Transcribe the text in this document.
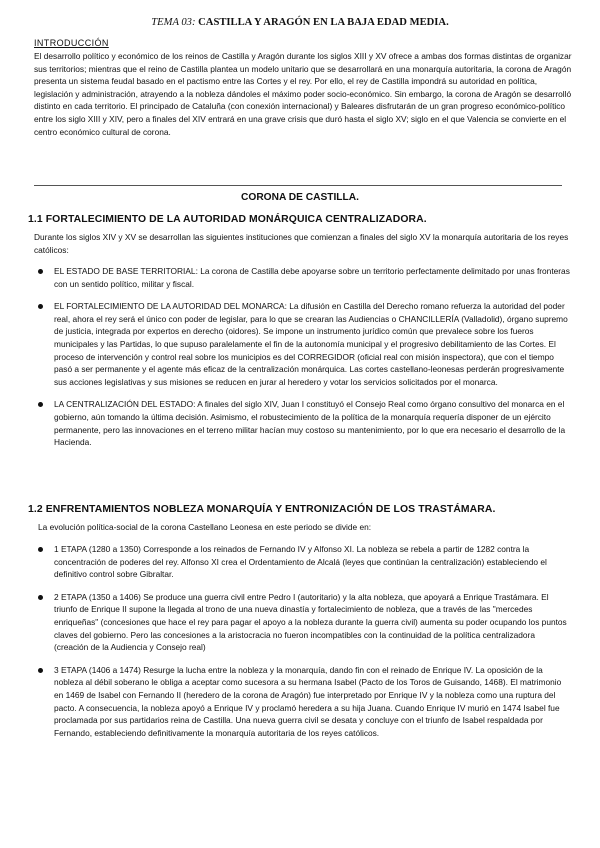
TEMA 03: CASTILLA Y ARAGÓN EN LA BAJA EDAD MEDIA.
INTRODUCCIÓN
El desarrollo político y económico de los reinos de Castilla y Aragón durante los siglos XIII y XV ofrece a ambas dos formas distintas de organizar sus territorios; mientras que el reino de Castilla plantea un modelo unitario que se desarrollará en una monarquía autoritaria, la corona de Aragón presenta un sistema feudal basado en el pactismo entre las Cortes y el rey. Por ello, el rey de Castilla impondrá su autoridad en política, legislación y administración, atrayendo a la nobleza dándoles el máximo poder socio-económico. Sin embargo, la corona de Aragón se desarrolló distinto en cada territorio. El principado de Cataluña (con conexión internacional) y Baleares disfrutarán de un gran progreso económico-político entre los siglo XIII y XIV, pero a finales del XIV entrará en una grave crisis que duró hasta el siglo XV; siglo en el que Valencia se convierte en el centro económico cultural de corona.
CORONA DE CASTILLA.
1.1 FORTALECIMIENTO DE LA AUTORIDAD MONÁRQUICA CENTRALIZADORA.
Durante los siglos XIV y XV se desarrollan las siguientes instituciones que comienzan a finales del siglo XV la monarquía autoritaria de los reyes católicos:
EL ESTADO DE BASE TERRITORIAL: La corona de Castilla debe apoyarse sobre un territorio perfectamente delimitado por unas fronteras con un sentido político, militar y fiscal.
EL FORTALECIMIENTO DE LA AUTORIDAD DEL MONARCA: La difusión en Castilla del Derecho romano refuerza la autoridad del poder real, ahora el rey será el único con poder de legislar, para lo que se crearan las Audiencias o CHANCILLERÍA (Valladolid), órgano supremo de justicia, integrada por expertos en derecho (oidores). Se impone un instrumento jurídico común que prevalece sobre los fueros municipales y las Partidas, lo que supuso paralelamente el fin de la autonomía municipal y el progresivo debilitamiento de las Cortes. El proceso de intervención y control real sobre los municipios es del CORREGIDOR (oficial real con misión inspectora), que con el tiempo pasó a ser permanente y el agente más eficaz de la centralización monárquica. Las cortes castellano-leonesas perderán progresivamente sus acciones legislativas y sus misiones se reducen en jurar al heredero y votar los servicios solicitados por el monarca.
LA CENTRALIZACIÓN DEL ESTADO: A finales del siglo XIV, Juan I constituyó el Consejo Real como órgano consultivo del monarca en el gobierno, aún tomando la última decisión. Asimismo, el robustecimiento de la política de la monarquía requería disponer de un ejército permanente, pero las innovaciones en el terreno militar hacían muy costoso su mantenimiento, por lo que era necesario el desarrollo de la Hacienda.
1.2 ENFRENTAMIENTOS NOBLEZA MONARQUÍA Y ENTRONIZACIÓN DE LOS TRASTÁMARA.
La evolución política-social de la corona Castellano Leonesa en este periodo se divide en:
1 ETAPA (1280 a 1350) Corresponde a los reinados de Fernando IV y Alfonso XI. La nobleza se rebela a partir de 1282 contra la concentración de poderes del rey. Alfonso XI crea el Ordentamiento de Alcalá (leyes que continúan la centralización) estableciendo el definitivo control sobre Gibraltar.
2 ETAPA (1350 a 1406) Se produce una guerra civil entre Pedro I (autoritario) y la alta nobleza, que apoyará a Enrique Trastámara. El triunfo de Enrique II supone la llegada al trono de una nueva dinastía y fortalecimiento de nobleza, que a través de las "mercedes enriqueñas" (concesiones que hace el rey para pagar el apoyo a la nobleza durante la guerra civil) aumenta su poder ocupando los puntos claves del gobierno. Pero las concesiones a la aristocracia no fueron incompatibles con la continuidad de la política centralizadora (creación de la Audiencia y Consejo real)
3 ETAPA (1406 a 1474) Resurge la lucha entre la nobleza y la monarquía, dando fin con el reinado de Enrique IV. La oposición de la nobleza al débil soberano le obliga a aceptar como sucesora a su hermana Isabel (Pacto de los Toros de Guisando, 1468). El matrimonio en 1469 de Isabel con Fernando II (heredero de la corona de Aragón) fue interpretado por Enrique IV y la nobleza como una ruptura del pacto. A consecuencia, la nobleza apoyó a Enrique IV y proclamó heredera a su hija Juana. Cuando Enrique IV murió en 1474 Isabel fue proclamada por sus partidarios reina de Castilla. Una nueva guerra civil se desata y concluye con el triunfo de Isabel respaldada por Fernando, estableciendo definitivamente la monarquía autoritaria de los reyes católicos.
